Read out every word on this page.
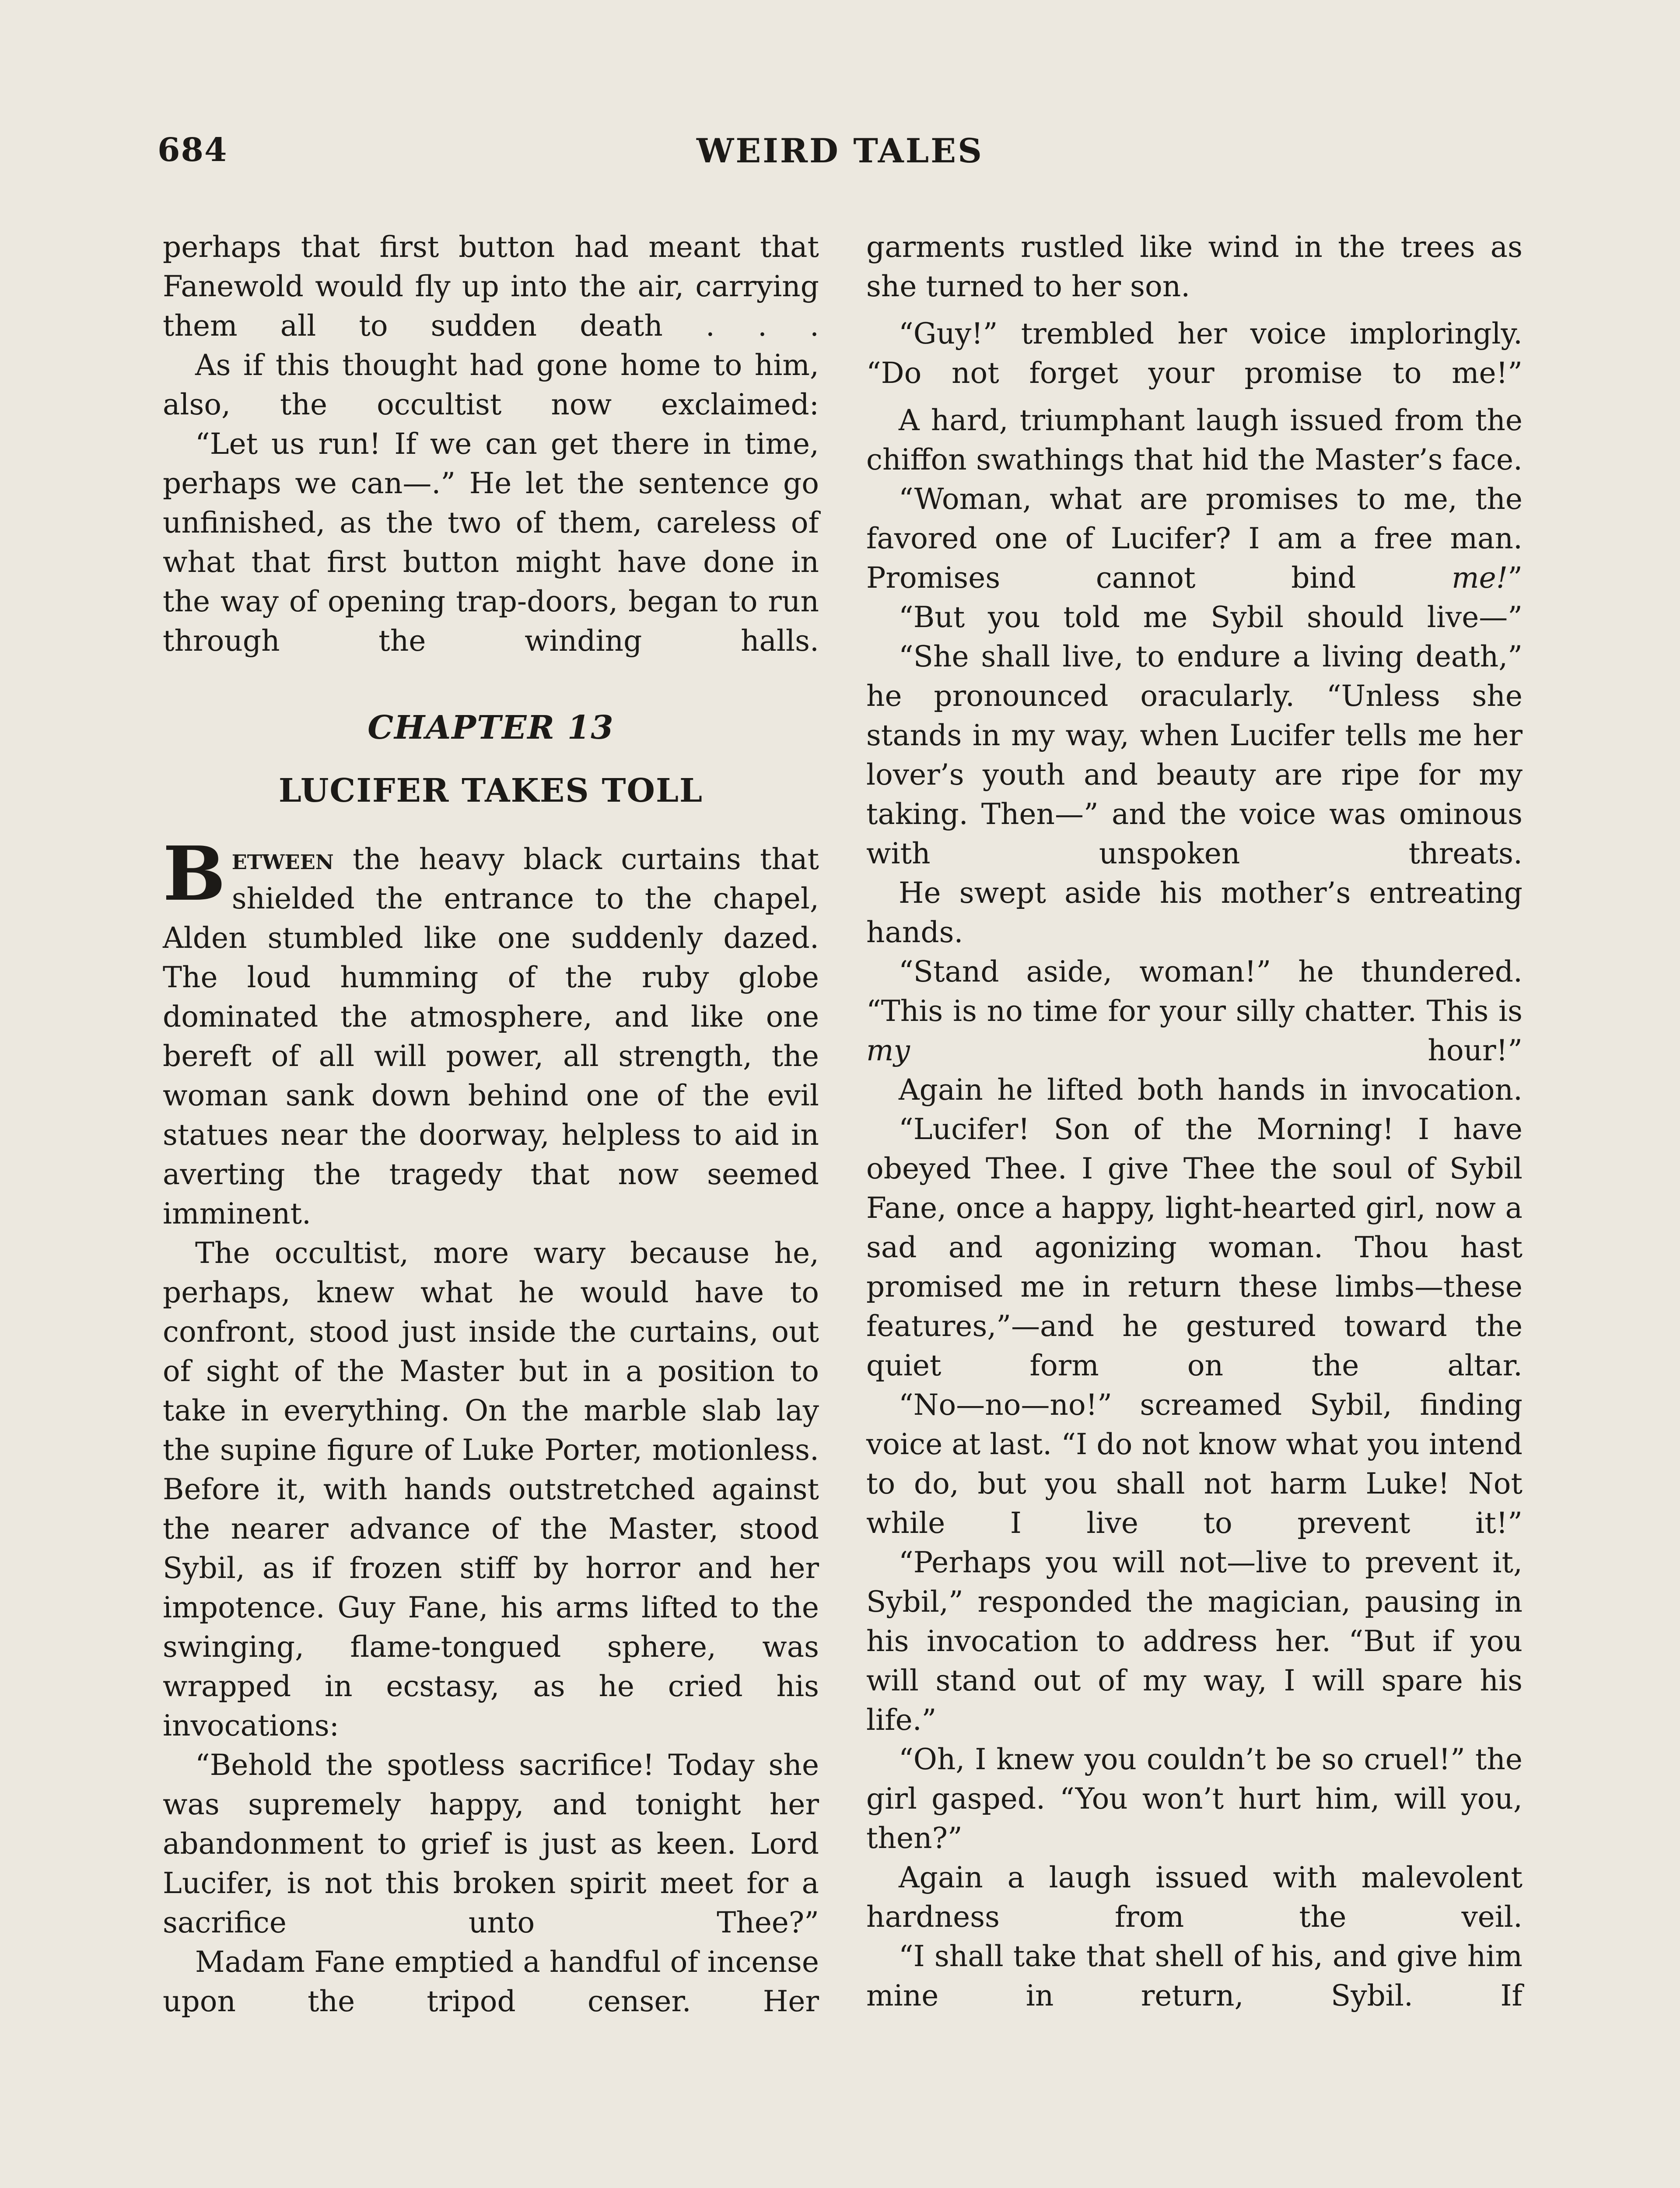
684	WEIRD TALES

perhaps that first button had meant that Fanewold would fly up into the air, carrying them all to sudden death . . .

As if this thought had gone home to him, also, the occultist now exclaimed:

“Let us run! If we can get there in time, perhaps we can—.” He let the sentence go unfinished, as the two of them, careless of what that first button might have done in the way of opening trap-doors, began to run through the winding halls.

CHAPTER 13
LUCIFER TAKES TOLL

Between the heavy black curtains that shielded the entrance to the chapel, Alden stumbled like one suddenly dazed. The loud humming of the ruby globe dominated the atmosphere, and like one bereft of all will power, all strength, the woman sank down behind one of the evil statues near the doorway, helpless to aid in averting the tragedy that now seemed imminent.

The occultist, more wary because he, perhaps, knew what he would have to confront, stood just inside the curtains, out of sight of the Master but in a position to take in everything. On the marble slab lay the supine figure of Luke Porter, motionless. Before it, with hands outstretched against the nearer advance of the Master, stood Sybil, as if frozen stiff by horror and her impotence. Guy Fane, his arms lifted to the swinging, flame-tongued sphere, was wrapped in ecstasy, as he cried his invocations:

“Behold the spotless sacrifice! Today she was supremely happy, and tonight her abandonment to grief is just as keen. Lord Lucifer, is not this broken spirit meet for a sacrifice unto Thee?”

Madam Fane emptied a handful of incense upon the tripod censer. Her

garments rustled like wind in the trees as she turned to her son.

“Guy!” trembled her voice imploringly. “Do not forget your promise to me!”

A hard, triumphant laugh issued from the chiffon swathings that hid the Master’s face.

“Woman, what are promises to me, the favored one of Lucifer? I am a free man. Promises cannot bind me!”

“But you told me Sybil should live—”

“She shall live, to endure a living death,” he pronounced oracularly. “Unless she stands in my way, when Lucifer tells me her lover’s youth and beauty are ripe for my taking. Then—” and the voice was ominous with unspoken threats.

He swept aside his mother’s entreating hands.

“Stand aside, woman!” he thundered. “This is no time for your silly chatter. This is my hour!”

Again he lifted both hands in invocation.

“Lucifer! Son of the Morning! I have obeyed Thee. I give Thee the soul of Sybil Fane, once a happy, light-hearted girl, now a sad and agonizing woman. Thou hast promised me in return these limbs—these features,”—and he gestured toward the quiet form on the altar.

“No—no—no!” screamed Sybil, finding voice at last. “I do not know what you intend to do, but you shall not harm Luke! Not while I live to prevent it!”

“Perhaps you will not—live to prevent it, Sybil,” responded the magician, pausing in his invocation to address her. “But if you will stand out of my way, I will spare his life.”

“Oh, I knew you couldn’t be so cruel!” the girl gasped. “You won’t hurt him, will you, then?”

Again a laugh issued with malevolent hardness from the veil.

“I shall take that shell of his, and give him mine in return, Sybil. If
